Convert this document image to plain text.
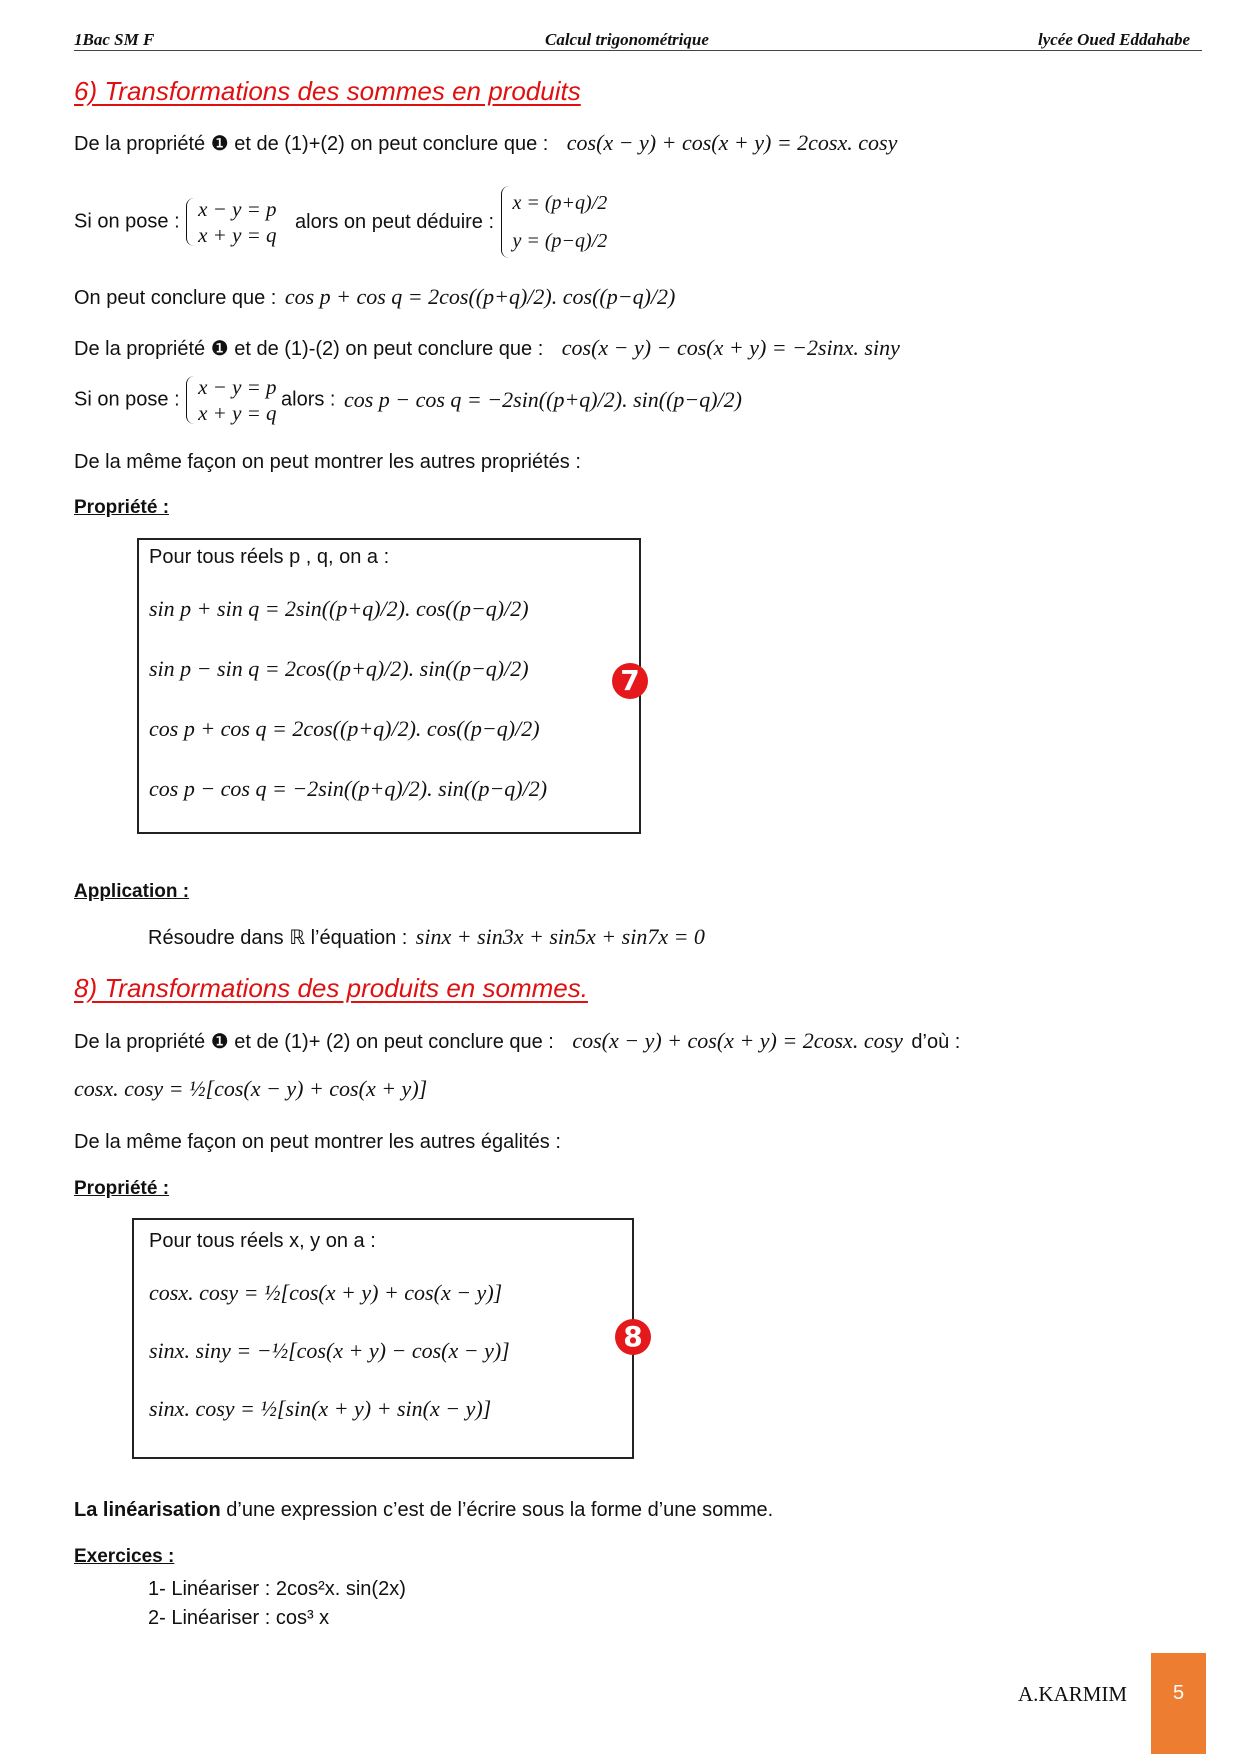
1Bac SM F	Calcul trigonométrique	lycée Oued Eddahabe
6) Transformations des sommes en produits
De la propriété ❶ et de (1)+(2) on peut conclure que : cos(x − y) + cos(x + y) = 2cosx. cosy
Si on pose :
x − y = p
x + y = q
alors on peut déduire :
x = (p+q)/2
y = (p−q)/2
On peut conclure que : cos p + cos q = 2cos((p+q)/2). cos((p−q)/2)
De la propriété ❶ et de (1)-(2) on peut conclure que : cos(x − y) − cos(x + y) = −2sinx. siny
Si on pose :
x − y = p
x + y = q
alors : cos p − cos q = −2sin((p+q)/2). sin((p−q)/2)
De la même façon on peut montrer les autres propriétés :
Propriété :
Pour tous réels p , q, on a :
sin p + sin q = 2sin((p+q)/2). cos((p−q)/2)
sin p − sin q = 2cos((p+q)/2). sin((p−q)/2)
cos p + cos q = 2cos((p+q)/2). cos((p−q)/2)
cos p − cos q = −2sin((p+q)/2). sin((p−q)/2)
7
Application :
Résoudre dans ℝ l’équation : sinx + sin3x + sin5x + sin7x = 0
8) Transformations des produits en sommes.
De la propriété ❶ et de (1)+ (2) on peut conclure que : cos(x − y) + cos(x + y) = 2cosx. cosy d’où :
cosx. cosy = ½[cos(x − y) + cos(x + y)]
De la même façon on peut montrer les autres égalités :
Propriété :
Pour tous réels x, y on a :
cosx. cosy = ½[cos(x + y) + cos(x − y)]
sinx. siny = −½[cos(x + y) − cos(x − y)]
sinx. cosy = ½[sin(x + y) + sin(x − y)]
8
La linéarisation d’une expression c’est de l’écrire sous la forme d’une somme.
Exercices :
1- Linéariser : 2cos²x. sin(2x)
2- Linéariser : cos³ x
A.KARMIM	5
